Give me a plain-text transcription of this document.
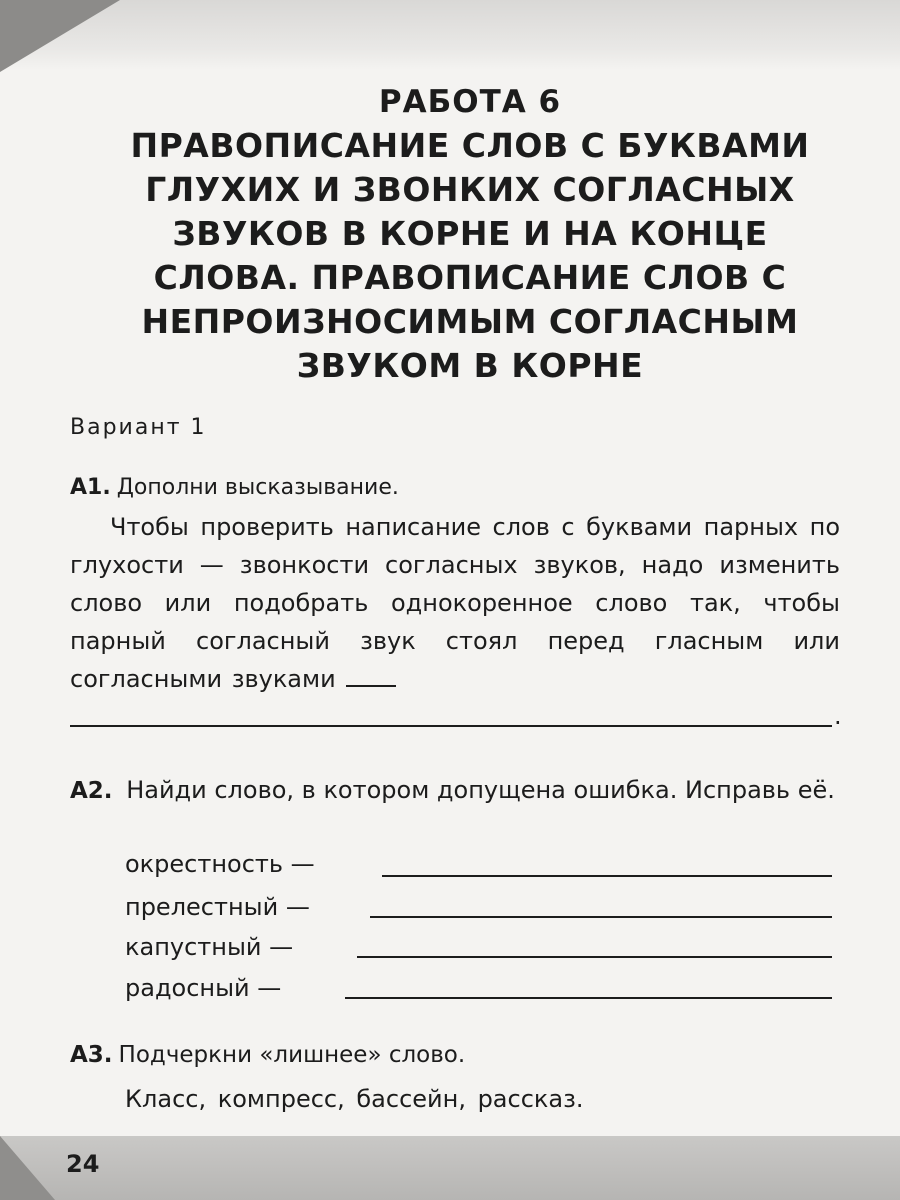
РАБОТА 6
ПРАВОПИСАНИЕ СЛОВ С БУКВАМИ ГЛУХИХ И ЗВОНКИХ СОГЛАСНЫХ ЗВУКОВ В КОРНЕ И НА КОНЦЕ СЛОВА. ПРАВОПИСАНИЕ СЛОВ С НЕПРОИЗНОСИМЫМ СОГЛАСНЫМ ЗВУКОМ В КОРНЕ
Вариант 1
А1. Дополни высказывание.
Чтобы проверить написание слов с буквами парных по глухости — звонкости согласных звуков, надо изменить слово или подобрать однокоренное слово так, чтобы парный согласный звук стоял перед гласным или согласными звуками
.
А2. Найди слово, в котором допущена ошибка. Исправь её.
окрестность —
прелестный —
капустный —
радосный —
А3. Подчеркни «лишнее» слово.
Класс, компресс, бассейн, рассказ.
24
